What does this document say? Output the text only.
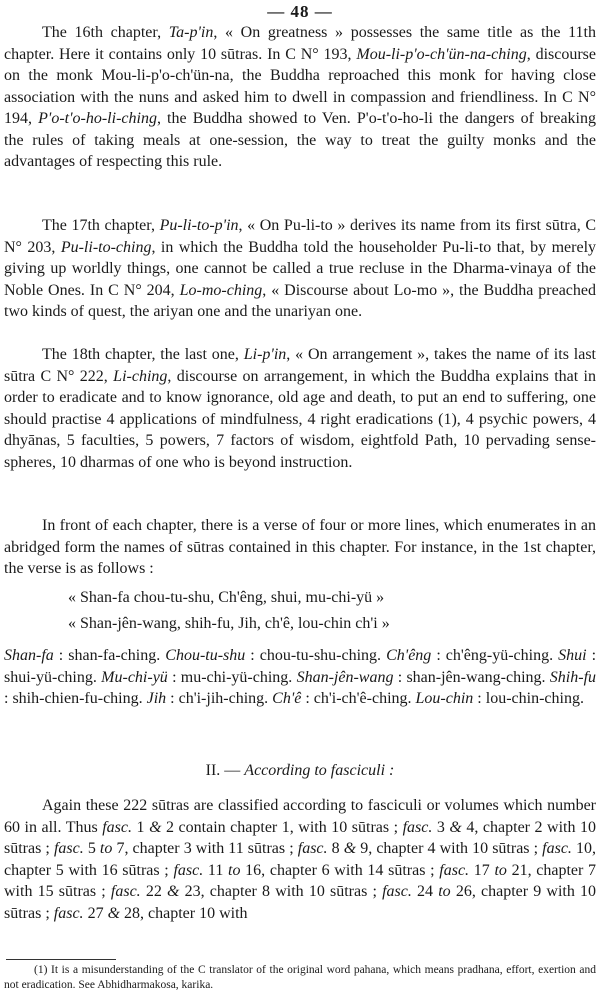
— 48 —

The 16th chapter, Ta-p'in, « On greatness » possesses the same title as the 11th chapter. Here it contains only 10 sūtras. In C N° 193, Mou-li-p'o-ch'ün-na-ching, discourse on the monk Mou-li-p'o-ch'ün-na, the Buddha reproached this monk for having close association with the nuns and asked him to dwell in compassion and friendliness. In C N° 194, P'o-t'o-ho-li-ching, the Buddha showed to Ven. P'o-t'o-ho-li the dangers of breaking the rules of taking meals at one-session, the way to treat the guilty monks and the advantages of respecting this rule.

The 17th chapter, Pu-li-to-p'in, « On Pu-li-to » derives its name from its first sūtra, C N° 203, Pu-li-to-ching, in which the Buddha told the householder Pu-li-to that, by merely giving up worldly things, one cannot be called a true recluse in the Dharma-vinaya of the Noble Ones. In C N° 204, Lo-mo-ching, « Discourse about Lo-mo », the Buddha preached two kinds of quest, the ariyan one and the unariyan one.

The 18th chapter, the last one, Li-p'in, « On arrangement », takes the name of its last sūtra C N° 222, Li-ching, discourse on arrangement, in which the Buddha explains that in order to eradicate and to know ignorance, old age and death, to put an end to suffering, one should practise 4 applications of mindfulness, 4 right eradications (1), 4 psychic powers, 4 dhyānas, 5 faculties, 5 powers, 7 factors of wisdom, eightfold Path, 10 pervading sense-spheres, 10 dharmas of one who is beyond instruction.

In front of each chapter, there is a verse of four or more lines, which enumerates in an abridged form the names of sūtras contained in this chapter. For instance, in the 1st chapter, the verse is as follows :

« Shan-fa chou-tu-shu, Ch'êng, shui, mu-chi-yü »
« Shan-jên-wang, shih-fu, Jih, ch'ê, lou-chin ch'i »

Shan-fa : shan-fa-ching. Chou-tu-shu : chou-tu-shu-ching. Ch'êng : ch'êng-yü-ching. Shui : shui-yü-ching. Mu-chi-yü : mu-chi-yü-ching. Shan-jên-wang : shan-jên-wang-ching. Shih-fu : shih-chien-fu-ching. Jih : ch'i-jih-ching. Ch'ê : ch'i-ch'ê-ching. Lou-chin : lou-chin-ching.

II. — According to fasciculi :

Again these 222 sūtras are classified according to fasciculi or volumes which number 60 in all. Thus fasc. 1 & 2 contain chapter 1, with 10 sūtras ; fasc. 3 & 4, chapter 2 with 10 sūtras ; fasc. 5 to 7, chapter 3 with 11 sūtras ; fasc. 8 & 9, chapter 4 with 10 sūtras ; fasc. 10, chapter 5 with 16 sūtras ; fasc. 11 to 16, chapter 6 with 14 sūtras ; fasc. 17 to 21, chapter 7 with 15 sūtras ; fasc. 22 & 23, chapter 8 with 10 sūtras ; fasc. 24 to 26, chapter 9 with 10 sūtras ; fasc. 27 & 28, chapter 10 with

(1) It is a misunderstanding of the C translator of the original word pahana, which means pradhana, effort, exertion and not eradication. See Abhidharmakosa, karika.
